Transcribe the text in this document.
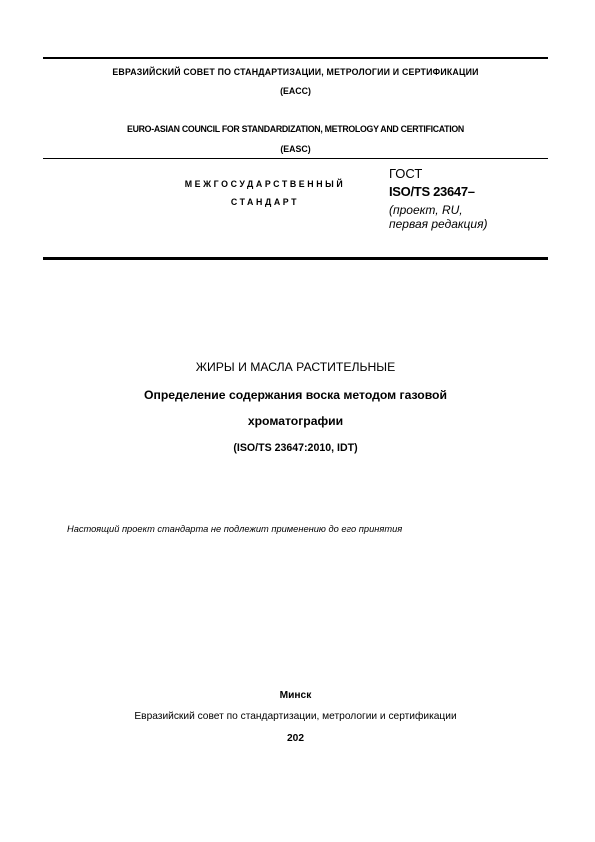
ЕВРАЗИЙСКИЙ СОВЕТ ПО СТАНДАРТИЗАЦИИ, МЕТРОЛОГИИ И СЕРТИФИКАЦИИ
(EACC)
EURO-ASIAN COUNCIL FOR STANDARDIZATION, METROLOGY AND CERTIFICATION
(EASC)
МЕЖГОСУДАРСТВЕННЫЙ
СТАНДАРТ
ГОСТ
ISO/TS 23647–
(проект, RU, первая редакция)
ЖИРЫ И МАСЛА РАСТИТЕЛЬНЫЕ
Определение содержания воска методом газовой
хроматографии
(ISO/TS 23647:2010, IDT)
Настоящий проект стандарта не подлежит применению до его принятия
Минск
Евразийский совет по стандартизации, метрологии и сертификации
202
